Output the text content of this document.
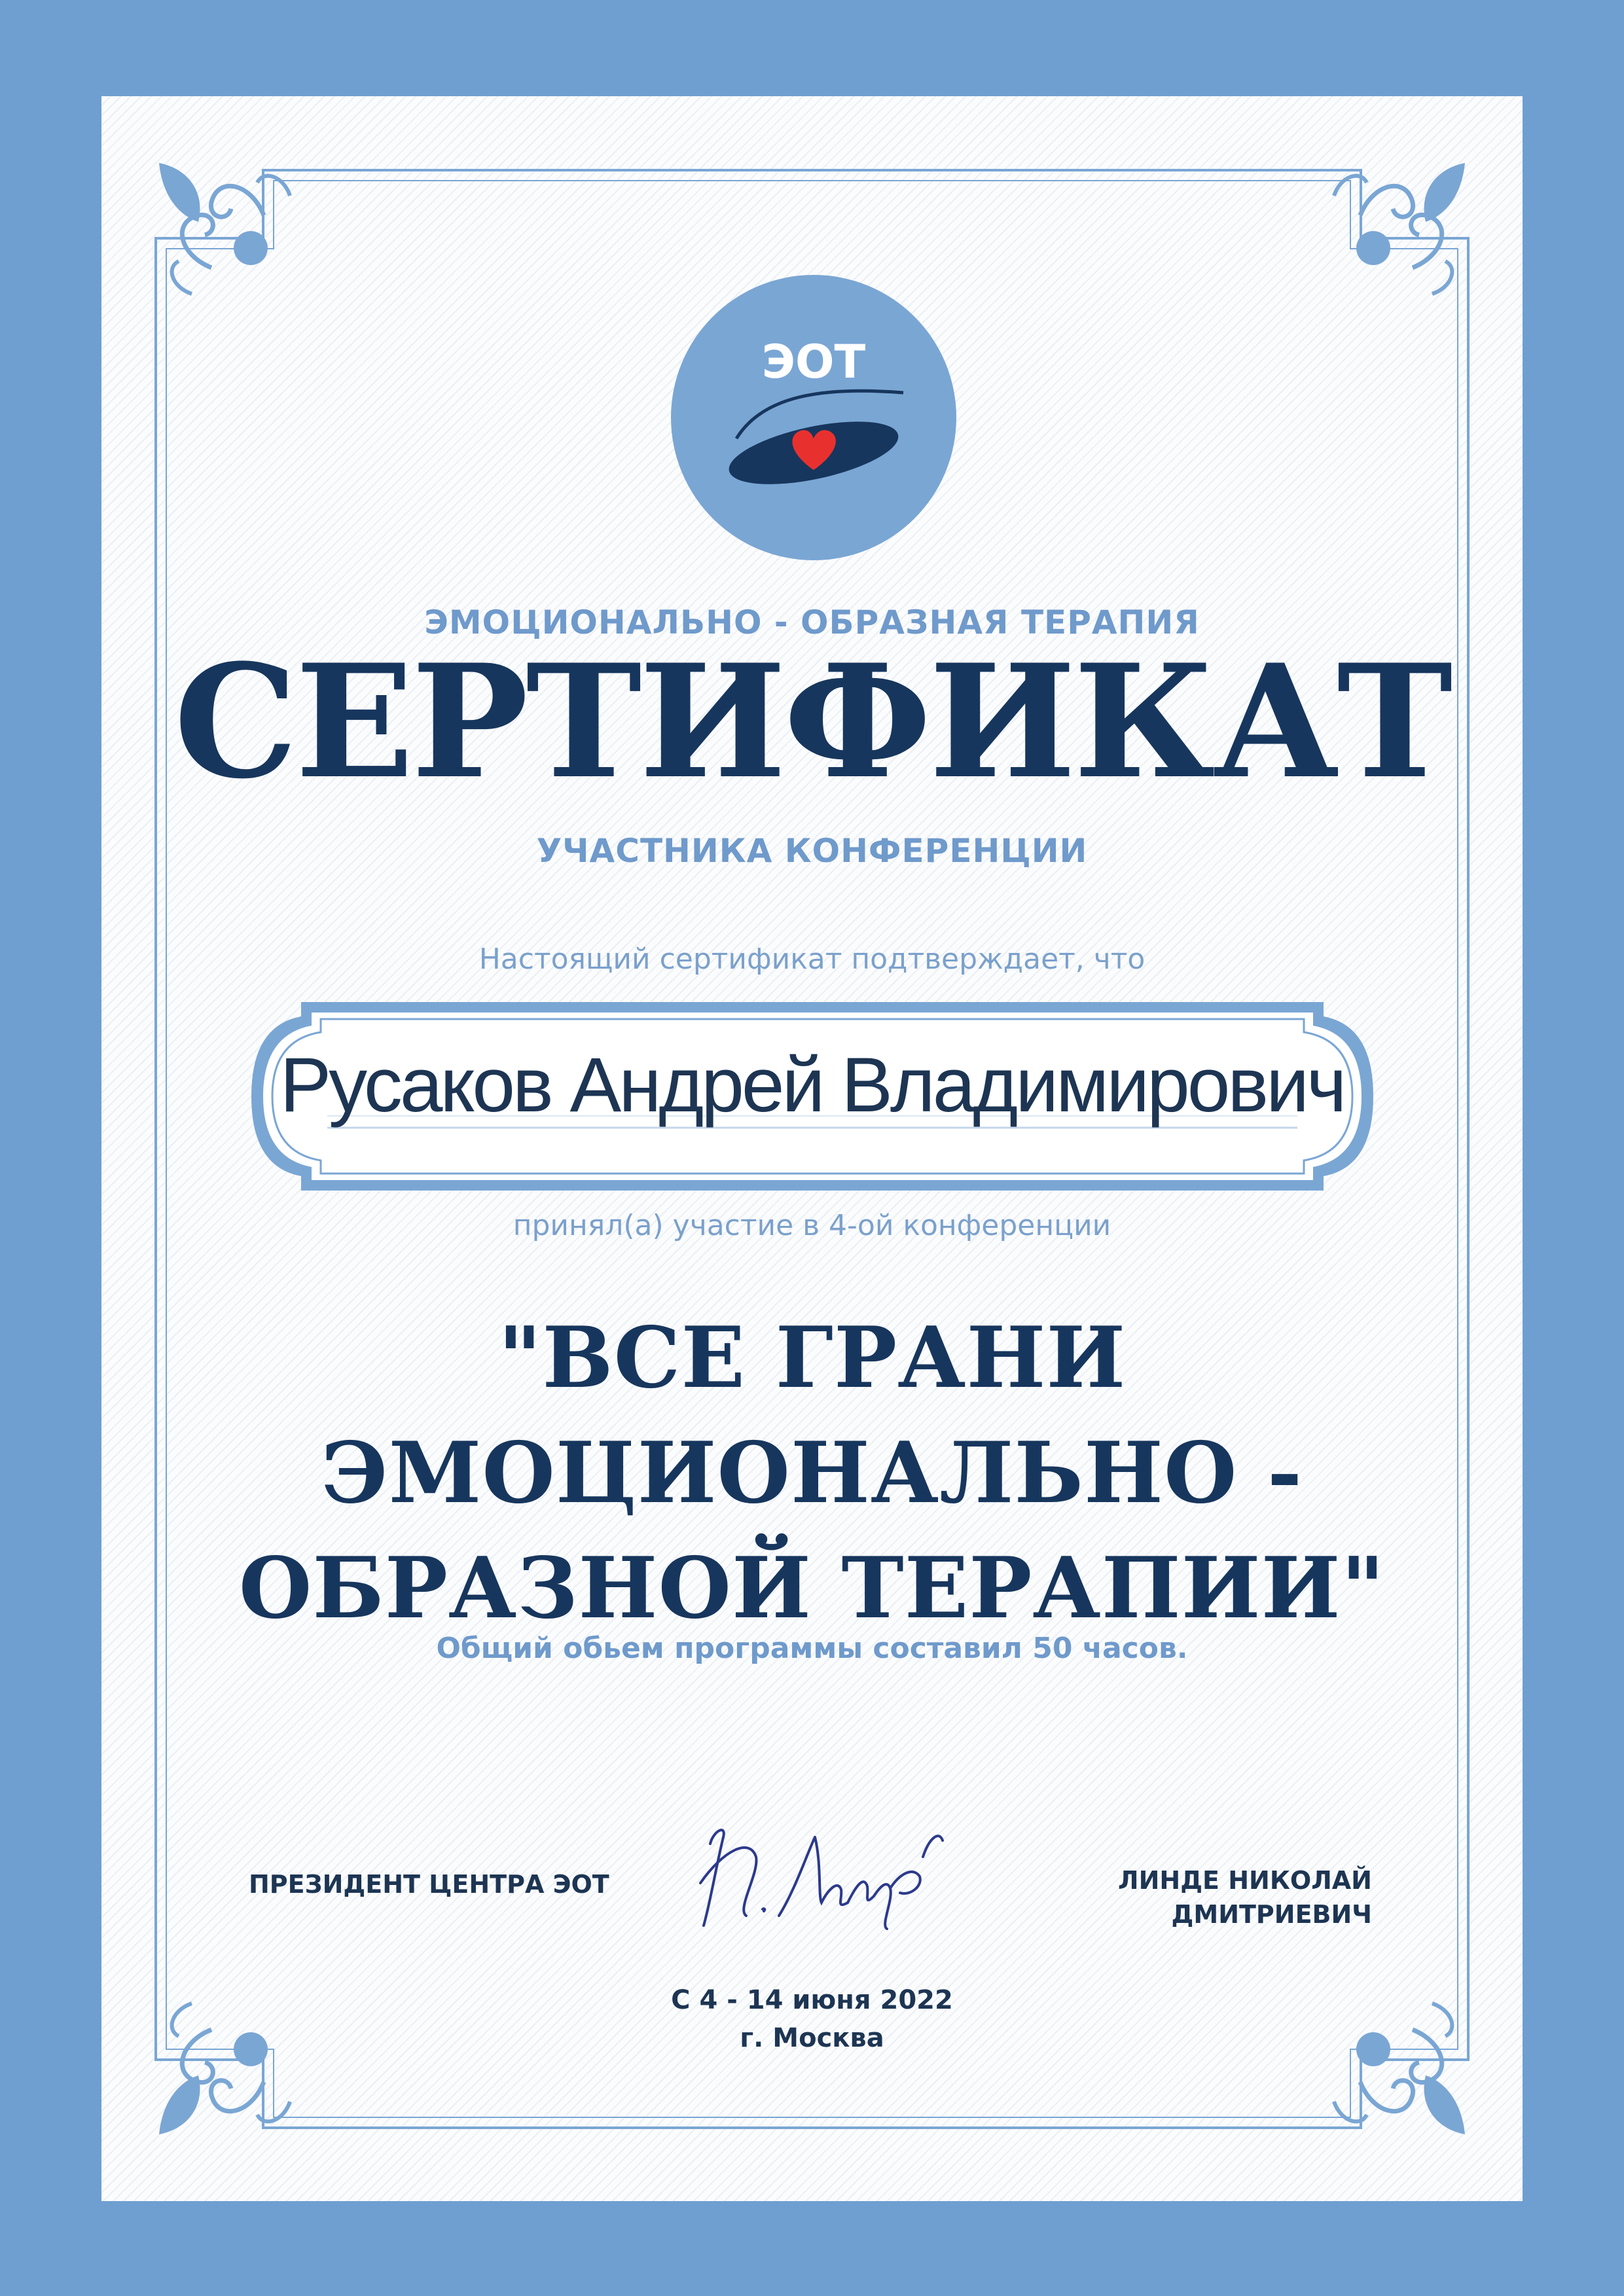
ЭОТ
ЭМОЦИОНАЛЬНО - ОБРАЗНАЯ ТЕРАПИЯ
СЕРТИФИКАТ
УЧАСТНИКА КОНФЕРЕНЦИИ
Настоящий сертификат подтверждает, что
Русаков Андрей Владимирович
принял(а) участие в 4-ой конференции
"ВСЕ ГРАНИ
ЭМОЦИОНАЛЬНО -
ОБРАЗНОЙ ТЕРАПИИ"
Общий обьем программы составил 50 часов.
ПРЕЗИДЕНТ ЦЕНТРА ЭОТ	ЛИНДЕ НИКОЛАЙ
ДМИТРИЕВИЧ
С 4 - 14 июня 2022
г. Москва
